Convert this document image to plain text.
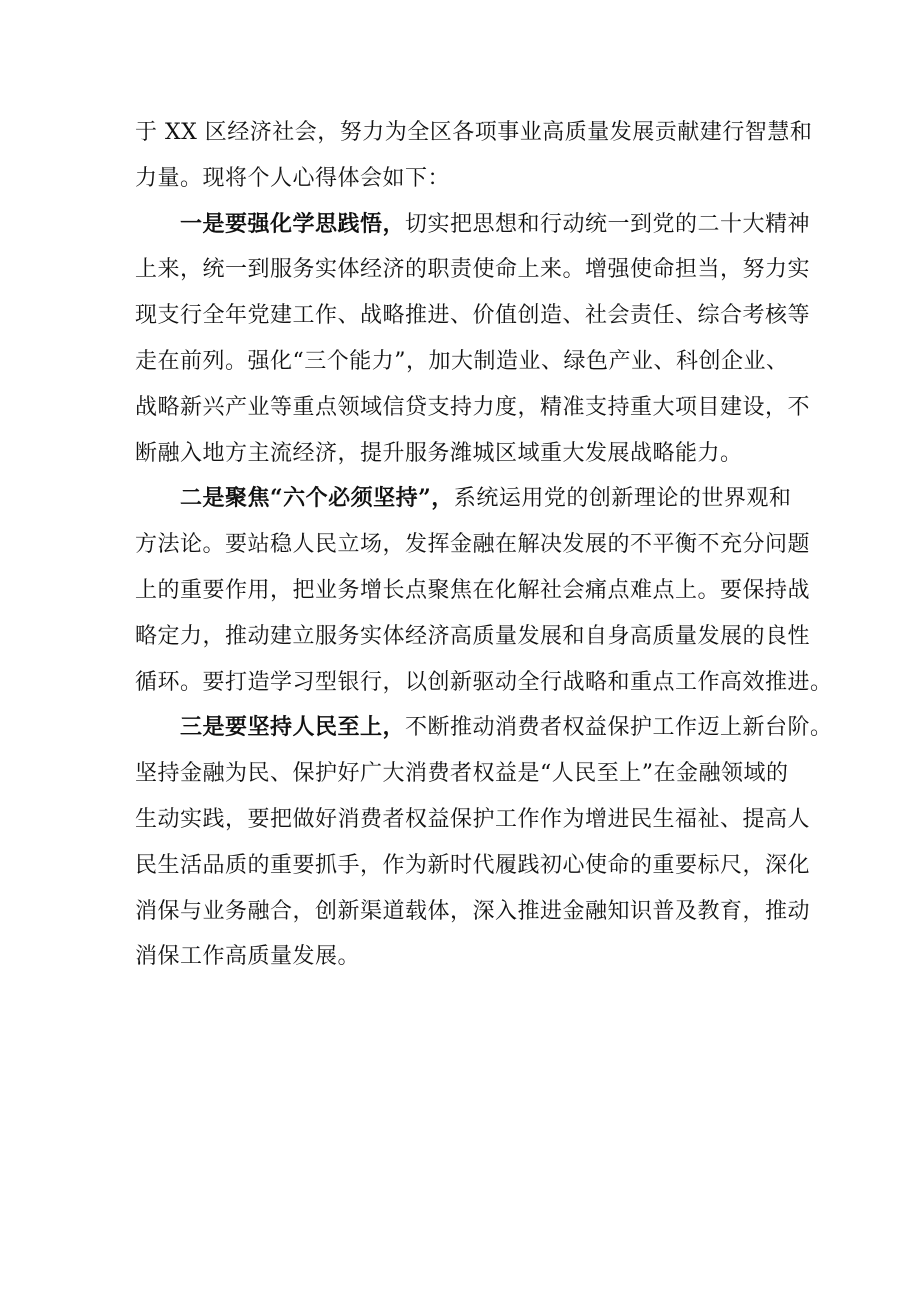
于 XX 区经济社会，努力为全区各项事业高质量发展贡献建行智慧和
力量。现将个人心得体会如下：

一是要强化学思践悟，切实把思想和行动统一到党的二十大精神
上来，统一到服务实体经济的职责使命上来。增强使命担当，努力实
现支行全年党建工作、战略推进、价值创造、社会责任、综合考核等
走在前列。强化“三个能力”，加大制造业、绿色产业、科创企业、
战略新兴产业等重点领域信贷支持力度，精准支持重大项目建设，不
断融入地方主流经济，提升服务潍城区域重大发展战略能力。

二是聚焦“六个必须坚持”，系统运用党的创新理论的世界观和
方法论。要站稳人民立场，发挥金融在解决发展的不平衡不充分问题
上的重要作用，把业务增长点聚焦在化解社会痛点难点上。要保持战
略定力，推动建立服务实体经济高质量发展和自身高质量发展的良性
循环。要打造学习型银行，以创新驱动全行战略和重点工作高效推进。

三是要坚持人民至上，不断推动消费者权益保护工作迈上新台阶。
坚持金融为民、保护好广大消费者权益是“人民至上”在金融领域的
生动实践，要把做好消费者权益保护工作作为增进民生福祉、提高人
民生活品质的重要抓手，作为新时代履践初心使命的重要标尺，深化
消保与业务融合，创新渠道载体，深入推进金融知识普及教育，推动
消保工作高质量发展。
